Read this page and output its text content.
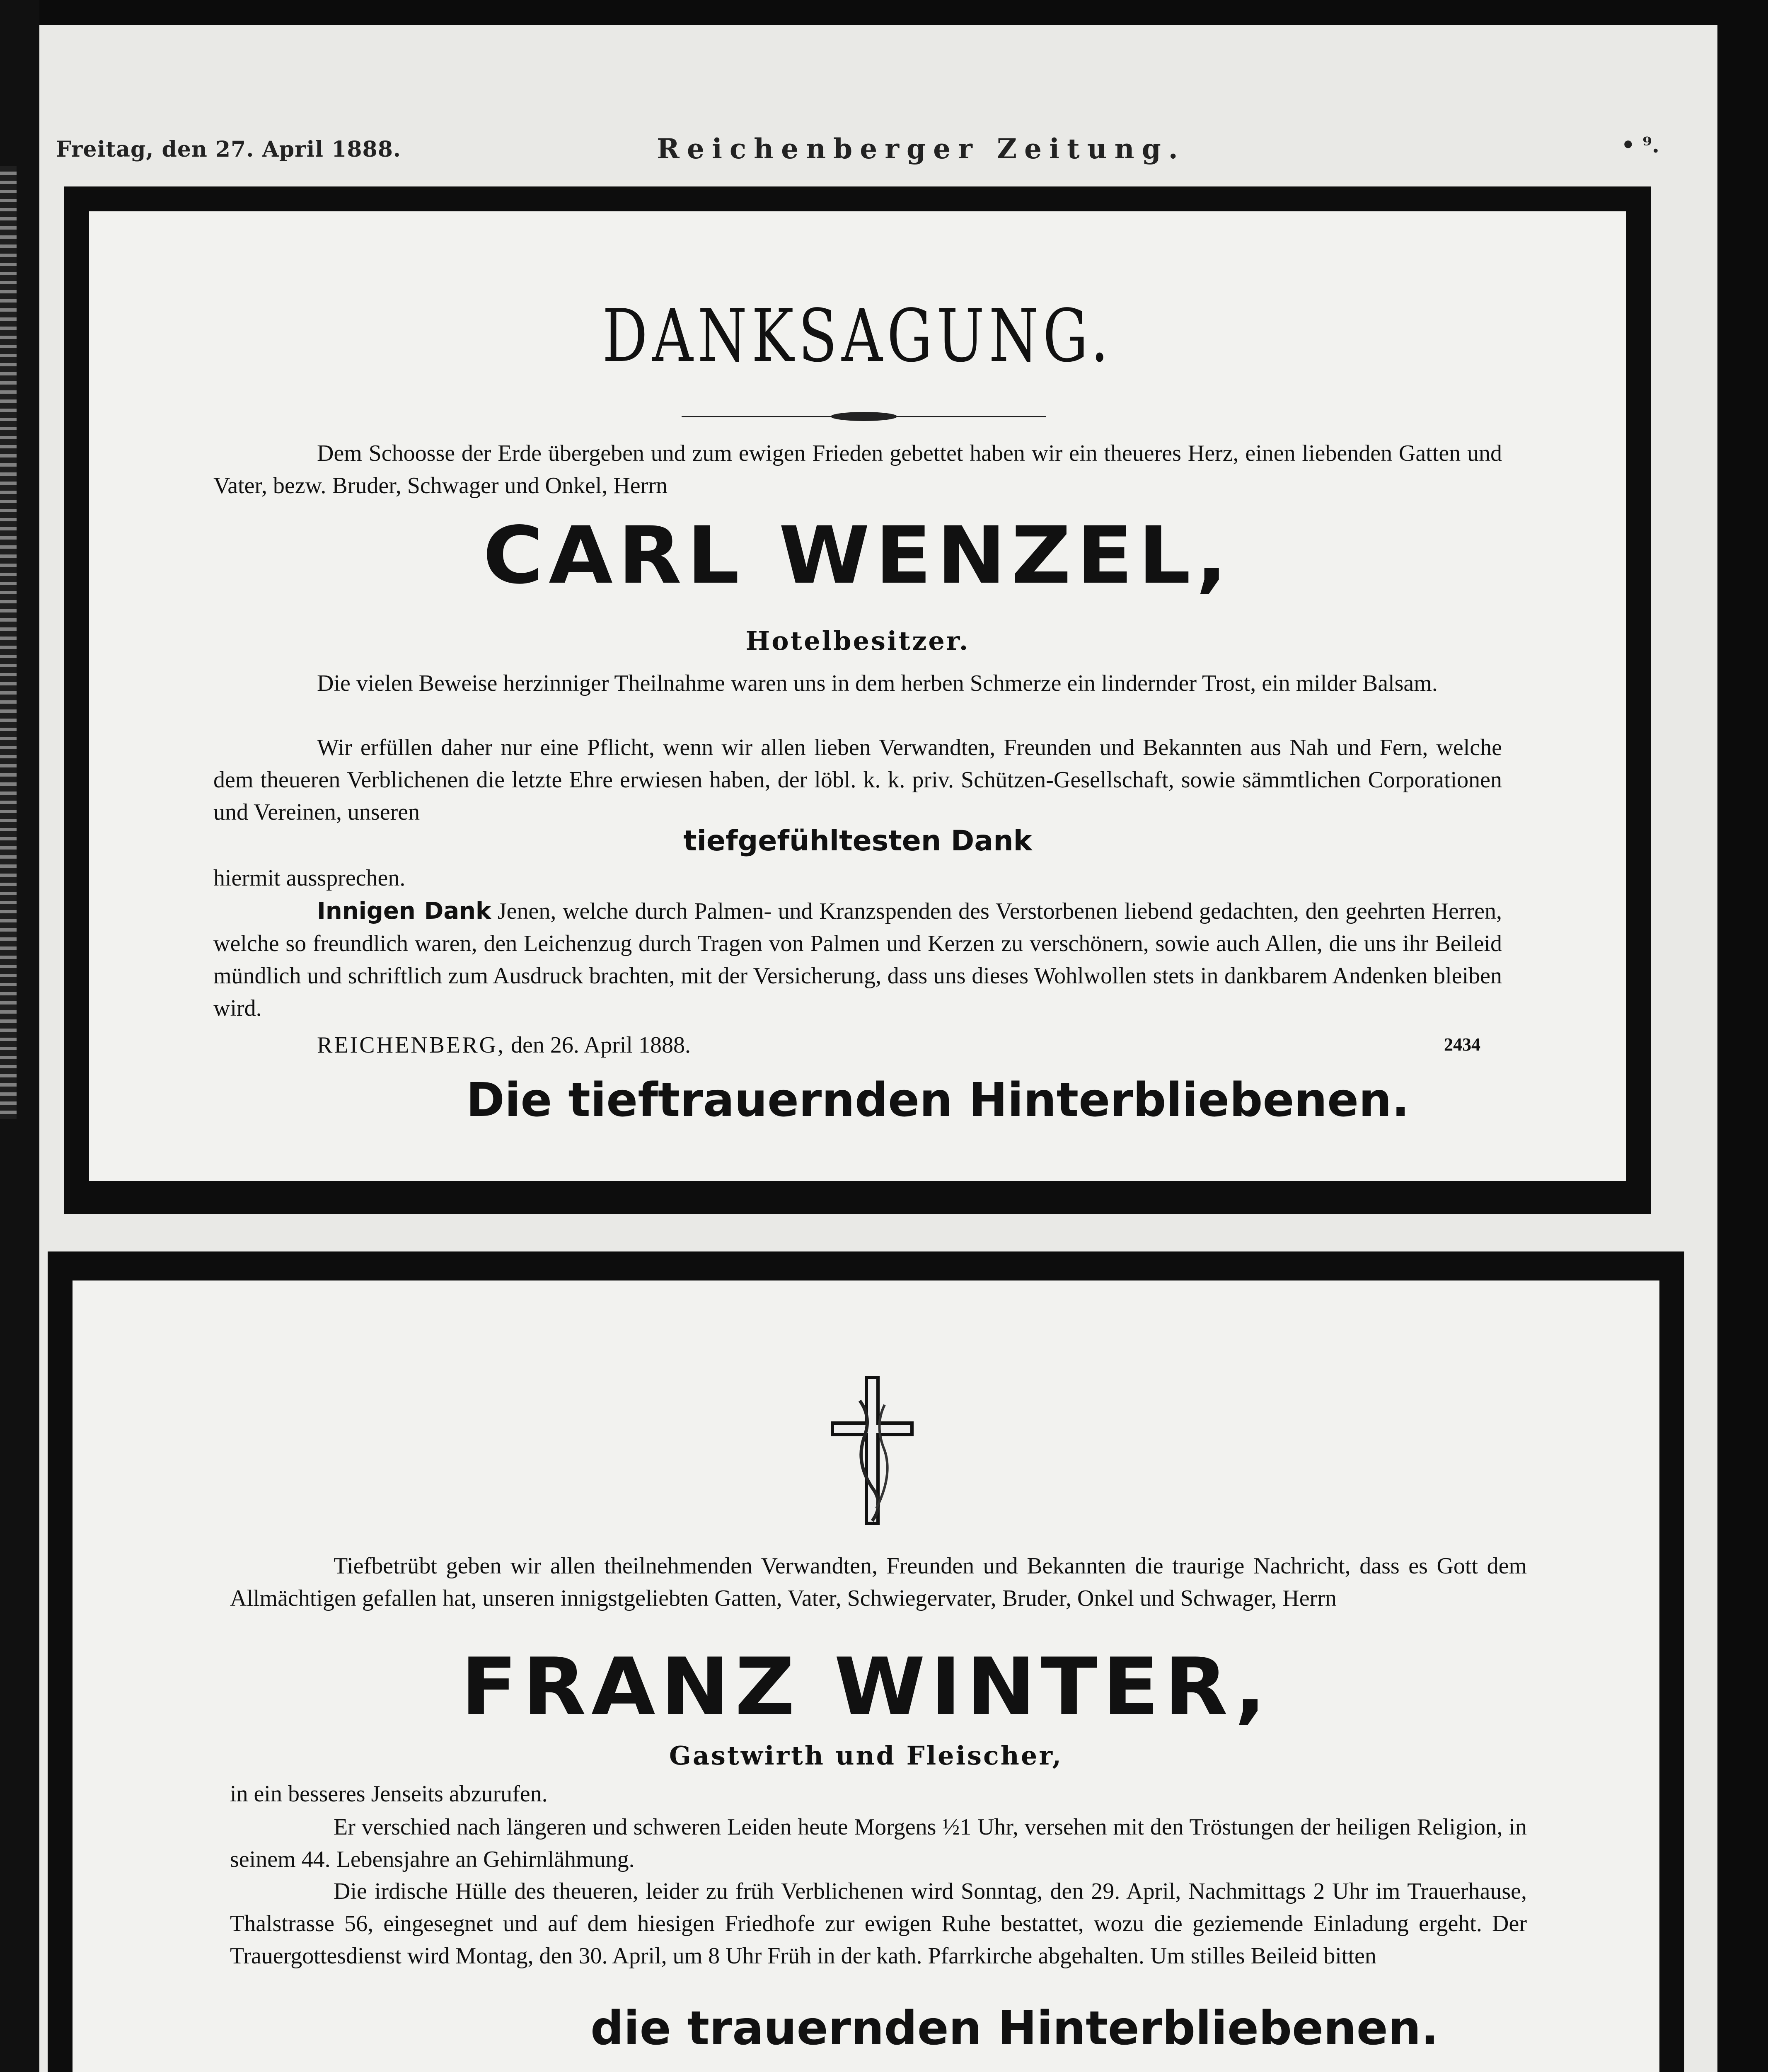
Freitag, den 27. April 1888.	Reichenberger Zeitung.	• ⁹.
DANKSAGUNG.
Dem Schoosse der Erde übergeben und zum ewigen Frieden gebettet haben wir ein theueres Herz, einen liebenden Gatten und Vater, bezw. Bruder, Schwager und Onkel, Herrn
CARL WENZEL,
Hotelbesitzer.
Die vielen Beweise herzinniger Theilnahme waren uns in dem herben Schmerze ein lindernder Trost, ein milder Balsam.
Wir erfüllen daher nur eine Pflicht, wenn wir allen lieben Verwandten, Freunden und Bekannten aus Nah und Fern, welche dem theueren Verblichenen die letzte Ehre erwiesen haben, der löbl. k. k. priv. Schützen-Gesellschaft, sowie sämmtlichen Corporationen und Vereinen, unseren
tiefgefühltesten Dank
hiermit aussprechen.
Innigen Dank Jenen, welche durch Palmen- und Kranzspenden des Verstorbenen liebend gedachten, den geehrten Herren, welche so freundlich waren, den Leichenzug durch Tragen von Palmen und Kerzen zu verschönern, sowie auch Allen, die uns ihr Beileid mündlich und schriftlich zum Ausdruck brachten, mit der Versicherung, dass uns dieses Wohlwollen stets in dankbarem Andenken bleiben wird.
REICHENBERG, den 26. April 1888.	2434
Die tieftrauernden Hinterbliebenen.
Tiefbetrübt geben wir allen theilnehmenden Verwandten, Freunden und Bekannten die traurige Nachricht, dass es Gott dem Allmächtigen gefallen hat, unseren innigstgeliebten Gatten, Vater, Schwiegervater, Bruder, Onkel und Schwager, Herrn
FRANZ WINTER,
Gastwirth und Fleischer,
in ein besseres Jenseits abzurufen.
Er verschied nach längeren und schweren Leiden heute Morgens ½1 Uhr, versehen mit den Tröstungen der heiligen Religion, in seinem 44. Lebensjahre an Gehirnlähmung.
Die irdische Hülle des theueren, leider zu früh Verblichenen wird Sonntag, den 29. April, Nachmittags 2 Uhr im Trauerhause, Thalstrasse 56, eingesegnet und auf dem hiesigen Friedhofe zur ewigen Ruhe bestattet, wozu die geziemende Einladung ergeht. Der Trauergottesdienst wird Montag, den 30. April, um 8 Uhr Früh in der kath. Pfarrkirche abgehalten. Um stilles Beileid bitten
die trauernden Hinterbliebenen.
